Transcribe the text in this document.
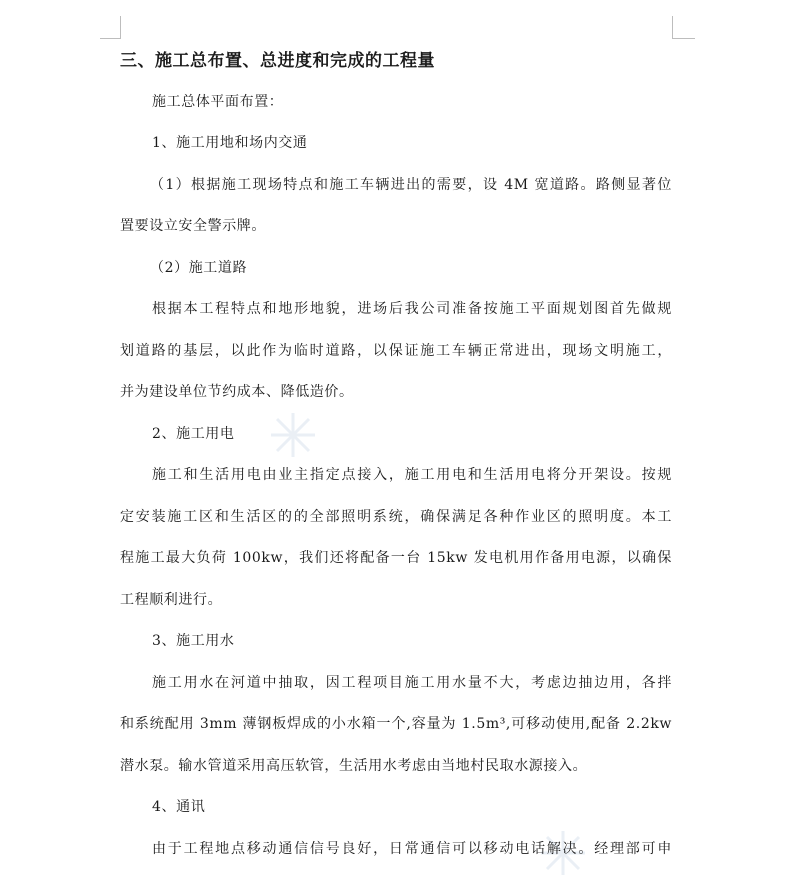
三、施工总布置、总进度和完成的工程量
施工总体平面布置：
1、施工用地和场内交通
（1）根据施工现场特点和施工车辆进出的需要，设 4M 宽道路。路侧显著位
置要设立安全警示牌。
（2）施工道路
根据本工程特点和地形地貌，进场后我公司准备按施工平面规划图首先做规
划道路的基层，以此作为临时道路，以保证施工车辆正常进出，现场文明施工，
并为建设单位节约成本、降低造价。
2、施工用电
施工和生活用电由业主指定点接入，施工用电和生活用电将分开架设。按规
定安装施工区和生活区的的全部照明系统，确保满足各种作业区的照明度。本工
程施工最大负荷 100kw，我们还将配备一台 15kw 发电机用作备用电源，以确保
工程顺利进行。
3、施工用水
施工用水在河道中抽取，因工程项目施工用水量不大，考虑边抽边用，各拌
和系统配用 3mm 薄钢板焊成的小水箱一个,容量为 1.5m³,可移动使用,配备 2.2kw
潜水泵。输水管道采用高压软管，生活用水考虑由当地村民取水源接入。
4、通讯
由于工程地点移动通信信号良好，日常通信可以移动电话解决。经理部可申
